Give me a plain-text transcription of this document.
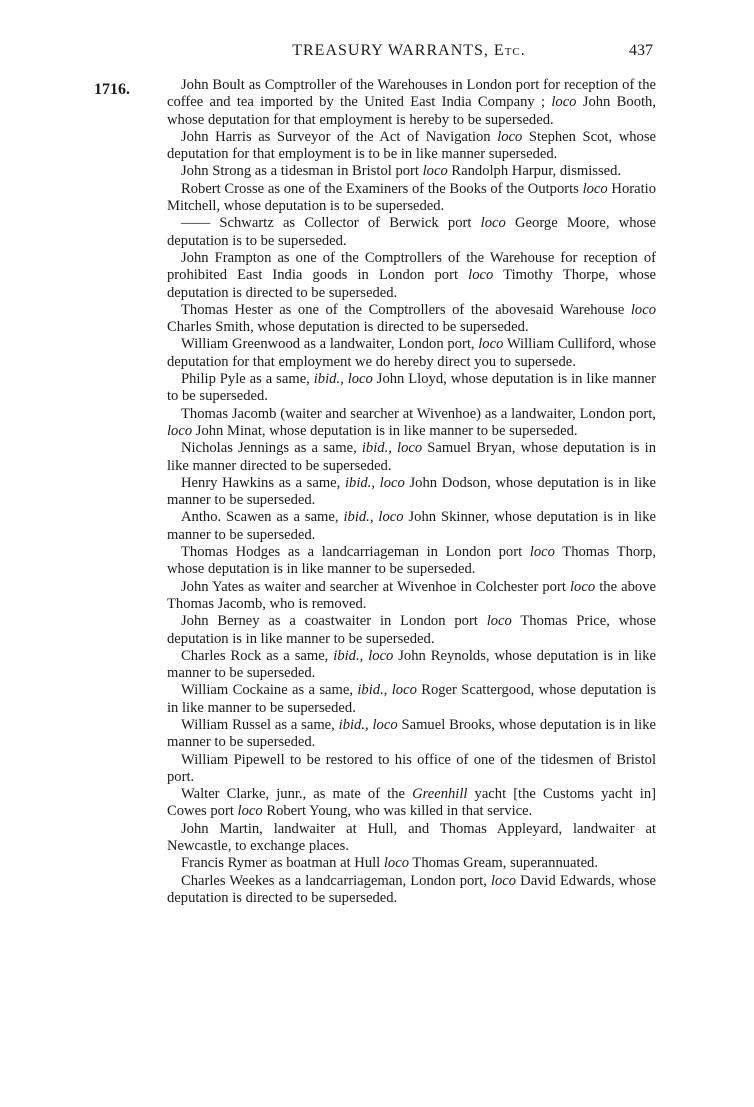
TREASURY WARRANTS, Etc.	437
1716.	John Boult as Comptroller of the Warehouses in London port for reception of the coffee and tea imported by the United East India Company ; loco John Booth, whose deputation for that employment is hereby to be superseded.

John Harris as Surveyor of the Act of Navigation loco Stephen Scot, whose deputation for that employment is to be in like manner superseded.

John Strong as a tidesman in Bristol port loco Randolph Harpur, dismissed.

Robert Crosse as one of the Examiners of the Books of the Outports loco Horatio Mitchell, whose deputation is to be superseded.

—— Schwartz as Collector of Berwick port loco George Moore, whose deputation is to be superseded.

John Frampton as one of the Comptrollers of the Warehouse for reception of prohibited East India goods in London port loco Timothy Thorpe, whose deputation is directed to be superseded.

Thomas Hester as one of the Comptrollers of the abovesaid Warehouse loco Charles Smith, whose deputation is directed to be superseded.

William Greenwood as a landwaiter, London port, loco William Culliford, whose deputation for that employment we do hereby direct you to supersede.

Philip Pyle as a same, ibid., loco John Lloyd, whose deputation is in like manner to be superseded.

Thomas Jacomb (waiter and searcher at Wivenhoe) as a landwaiter, London port, loco John Minat, whose deputation is in like manner to be superseded.

Nicholas Jennings as a same, ibid., loco Samuel Bryan, whose deputation is in like manner directed to be superseded.

Henry Hawkins as a same, ibid., loco John Dodson, whose deputation is in like manner to be superseded.

Antho. Scawen as a same, ibid., loco John Skinner, whose deputation is in like manner to be superseded.

Thomas Hodges as a landcarriageman in London port loco Thomas Thorp, whose deputation is in like manner to be superseded.

John Yates as waiter and searcher at Wivenhoe in Colchester port loco the above Thomas Jacomb, who is removed.

John Berney as a coastwaiter in London port loco Thomas Price, whose deputation is in like manner to be superseded.

Charles Rock as a same, ibid., loco John Reynolds, whose deputation is in like manner to be superseded.

William Cockaine as a same, ibid., loco Roger Scattergood, whose deputation is in like manner to be superseded.

William Russel as a same, ibid., loco Samuel Brooks, whose deputation is in like manner to be superseded.

William Pipewell to be restored to his office of one of the tidesmen of Bristol port.

Walter Clarke, junr., as mate of the Greenhill yacht [the Customs yacht in] Cowes port loco Robert Young, who was killed in that service.

John Martin, landwaiter at Hull, and Thomas Appleyard, landwaiter at Newcastle, to exchange places.

Francis Rymer as boatman at Hull loco Thomas Gream, superannuated.

Charles Weekes as a landcarriageman, London port, loco David Edwards, whose deputation is directed to be superseded.
